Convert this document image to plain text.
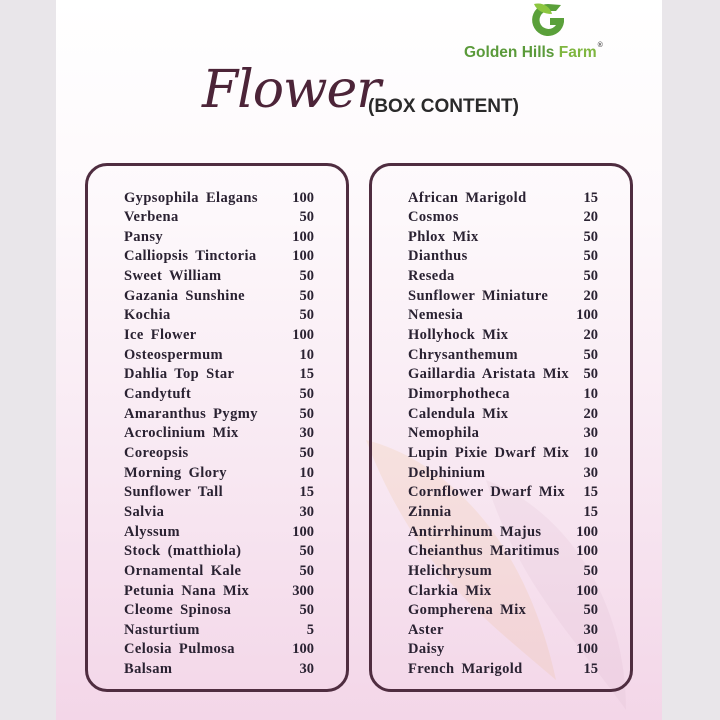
Golden Hills Farm®
Flower
(BOX CONTENT)
Gypsophila Elagans 100
Verbena	50
Pansy	100
Calliopsis Tinctoria 100
Sweet William	50
Gazania Sunshine	50
Kochia	50
Ice Flower	100
Osteospermum	10
Dahlia Top Star	15
Candytuft	50
Amaranthus Pygmy	50
Acroclinium Mix	30
Coreopsis	50
Morning Glory	10
Sunflower Tall	15
Salvia	30
Alyssum	100
Stock (matthiola)	50
Ornamental Kale	50
Petunia Nana Mix	300
Cleome Spinosa	50
Nasturtium	5
Celosia Pulmosa	100
Balsam	30
African Marigold	15
Cosmos	20
Phlox Mix	50
Dianthus	50
Reseda	50
Sunflower Miniature 20
Nemesia	100
Hollyhock Mix	20
Chrysanthemum	50
Gaillardia Aristata Mix 50
Dimorphotheca	10
Calendula Mix	20
Nemophila	30
Lupin Pixie Dwarf Mix 10
Delphinium	30
Cornflower Dwarf Mix 15
Zinnia	15
Antirrhinum Majus 100
Cheianthus Maritimus 100
Helichrysum	50
Clarkia Mix	100
Gompherena Mix	50
Aster	30
Daisy	100
French Marigold	15
